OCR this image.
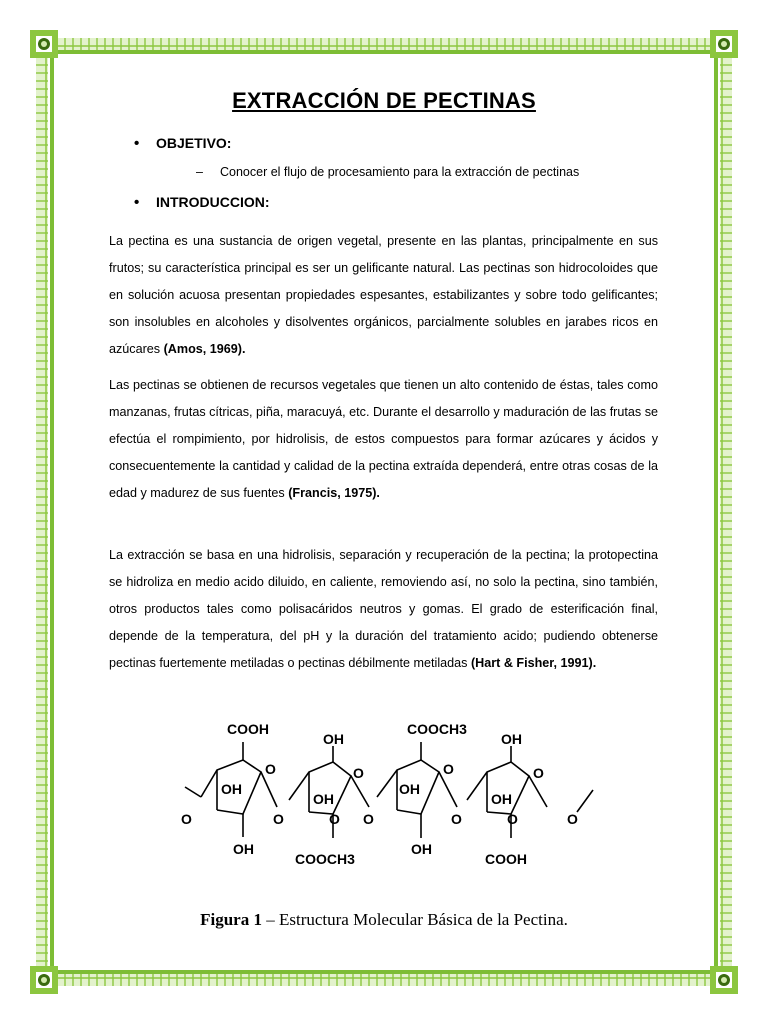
EXTRACCIÓN DE PECTINAS
• OBJETIVO:
– Conocer el flujo de procesamiento para la extracción de pectinas
• INTRODUCCION:

La pectina es una sustancia de origen vegetal, presente en las plantas, principalmente en sus frutos; su característica principal es ser un gelificante natural. Las pectinas son hidrocoloides que en solución acuosa presentan propiedades espesantes, estabilizantes y sobre todo gelificantes; son insolubles en alcoholes y disolventes orgánicos, parcialmente solubles en jarabes ricos en azúcares (Amos, 1969).

Las pectinas se obtienen de recursos vegetales que tienen un alto contenido de éstas, tales como manzanas, frutas cítricas, piña, maracuyá, etc. Durante el desarrollo y maduración de las frutas se efectúa el rompimiento, por hidrolisis, de estos compuestos para formar azúcares y ácidos y consecuentemente la cantidad y calidad de la pectina extraída dependerá, entre otras cosas de la edad y madurez de sus fuentes (Francis, 1975).

La extracción se basa en una hidrolisis, separación y recuperación de la pectina; la protopectina se hidroliza en medio acido diluido, en caliente, removiendo así, no solo la pectina, sino también, otros productos tales como polisacáridos neutros y gomas. El grado de esterificación final, depende de la temperatura, del pH y la duración del tratamiento acido; pudiendo obtenerse pectinas fuertemente metiladas o pectinas débilmente metiladas (Hart & Fisher, 1991).

COOH
OH
COOCH3
OH
O	O	O	O
OH
OH
OH
OH
O	O	O	O	O
O	O
OH
COOCH3
OH
COOH
Figura 1 – Estructura Molecular Básica de la Pectina.
